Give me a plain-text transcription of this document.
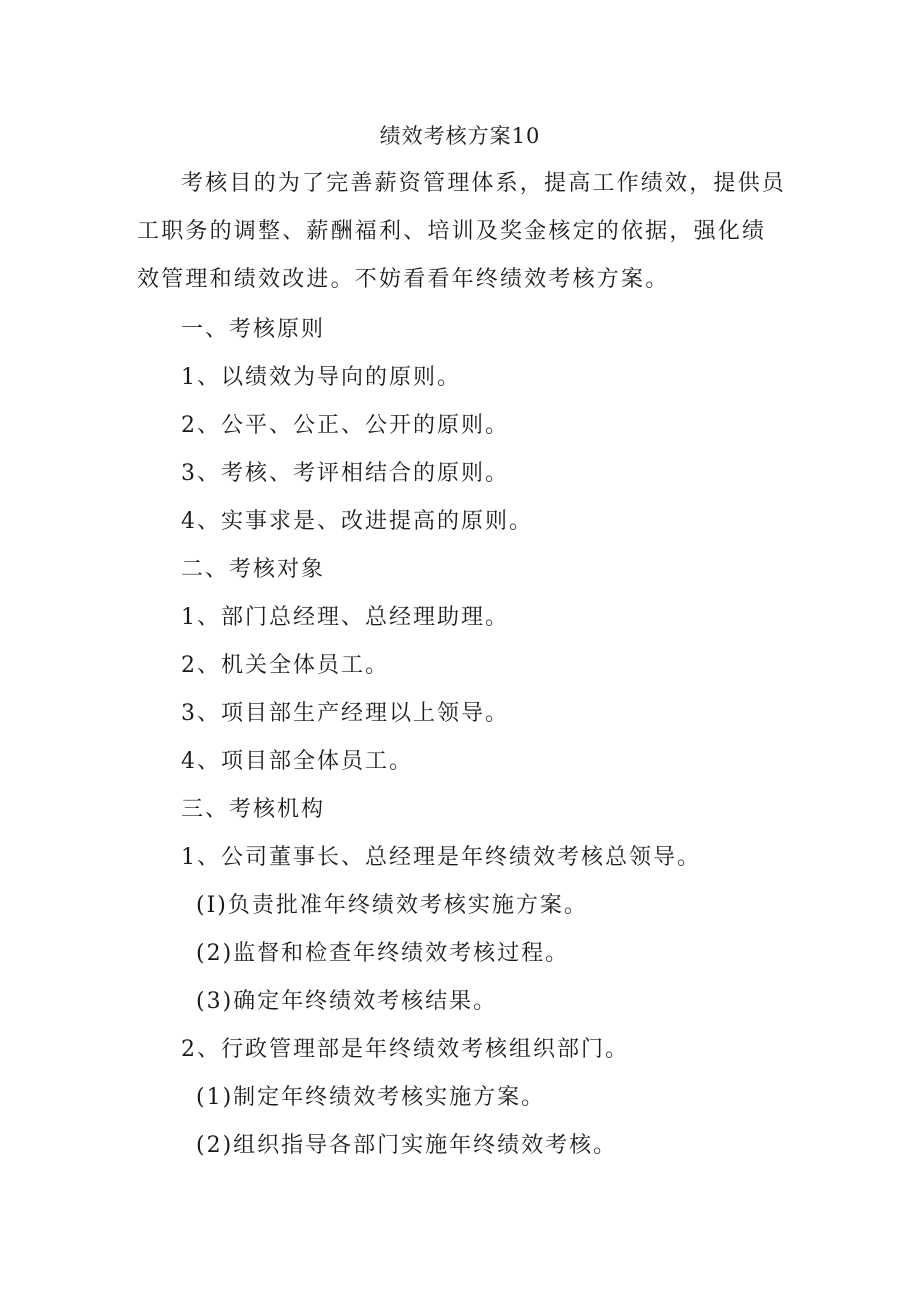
绩效考核方案10

考核目的为了完善薪资管理体系，提高工作绩效，提供员工职务的调整、薪酬福利、培训及奖金核定的依据，强化绩效管理和绩效改进。不妨看看年终绩效考核方案。

一、考核原则

1、以绩效为导向的原则。

2、公平、公正、公开的原则。

3、考核、考评相结合的原则。

4、实事求是、改进提高的原则。

二、考核对象

1、部门总经理、总经理助理。

2、机关全体员工。

3、项目部生产经理以上领导。

4、项目部全体员工。

三、考核机构

1、公司董事长、总经理是年终绩效考核总领导。

(I)负责批准年终绩效考核实施方案。

(2)监督和检查年终绩效考核过程。

(3)确定年终绩效考核结果。

2、行政管理部是年终绩效考核组织部门。

(1)制定年终绩效考核实施方案。

(2)组织指导各部门实施年终绩效考核。
